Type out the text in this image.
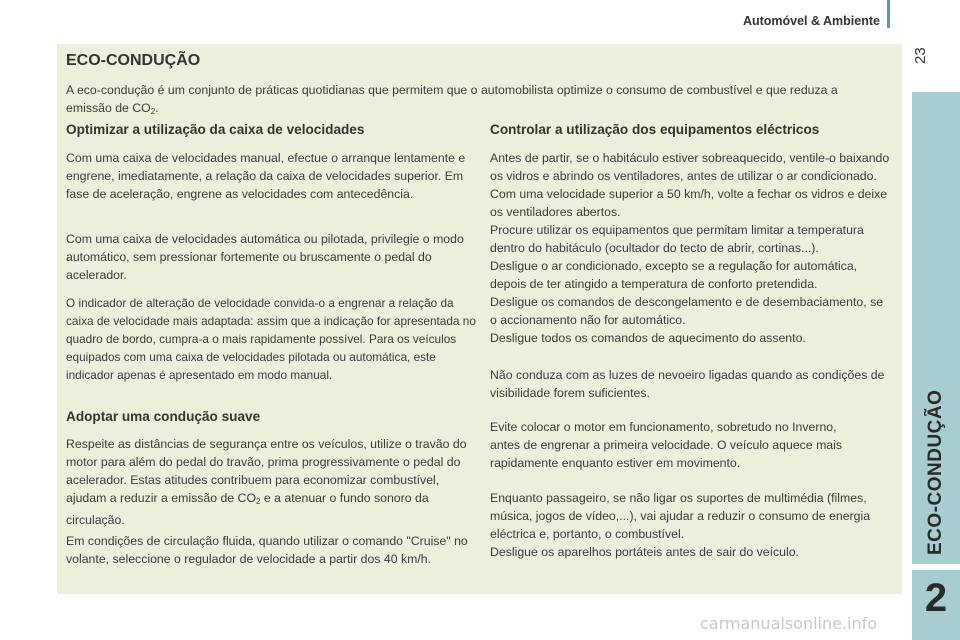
Automóvel & Ambiente
23
ECO-CONDUÇÃO
2
ECO-CONDUÇÃO
A eco-condução é um conjunto de práticas quotidianas que permitem que o automobilista optimize o consumo de combustível e que reduza a emissão de $CO_2$.
Optimizar a utilização da caixa de velocidades
Com uma caixa de velocidades manual, efectue o arranque lentamente e engrene, imediatamente, a relação da caixa de velocidades superior. Em fase de aceleração, engrene as velocidades com antecedência.
Com uma caixa de velocidades automática ou pilotada, privilegie o modo automático, sem pressionar fortemente ou bruscamente o pedal do acelerador.
O indicador de alteração de velocidade convida-o a engrenar a relação da caixa de velocidade mais adaptada: assim que a indicação for apresentada no quadro de bordo, cumpra-a o mais rapidamente possível. Para os veículos equipados com uma caixa de velocidades pilotada ou automática, este indicador apenas é apresentado em modo manual.
Adoptar uma condução suave
Respeite as distâncias de segurança entre os veículos, utilize o travão do motor para além do pedal do travão, prima progressivamente o pedal do acelerador. Estas atitudes contribuem para economizar combustível, ajudam a reduzir a emissão de $CO_2$ e a atenuar o fundo sonoro da circulação.
Em condições de circulação fluida, quando utilizar o comando "Cruise" no volante, seleccione o regulador de velocidade a partir dos 40 km/h.
Controlar a utilização dos equipamentos eléctricos

Antes de partir, se o habitáculo estiver sobreaquecido, ventile-o baixando os vidros e abrindo os ventiladores, antes de utilizar o ar condicionado.

Com uma velocidade superior a 50 km/h, volte a fechar os vidros e deixe os ventiladores abertos.

Procure utilizar os equipamentos que permitam limitar a temperatura dentro do habitáculo (ocultador do tecto de abrir, cortinas...).

Desligue o ar condicionado, excepto se a regulação for automática, depois de ter atingido a temperatura de conforto pretendida.

Desligue os comandos de descongelamento e de desembaciamento, se o accionamento não for automático.

Desligue todos os comandos de aquecimento do assento.

Não conduza com as luzes de nevoeiro ligadas quando as condições de visibilidade forem suficientes.
Evite colocar o motor em funcionamento, sobretudo no Inverno, antes de engrenar a primeira velocidade. O veículo aquece mais rapidamente enquanto estiver em movimento.

Enquanto passageiro, se não ligar os suportes de multimédia (filmes, música, jogos de vídeo,...), vai ajudar a reduzir o consumo de energia eléctrica e, portanto, o combustível.

Desligue os aparelhos portáteis antes de sair do veículo.

carmanualsonline.info
